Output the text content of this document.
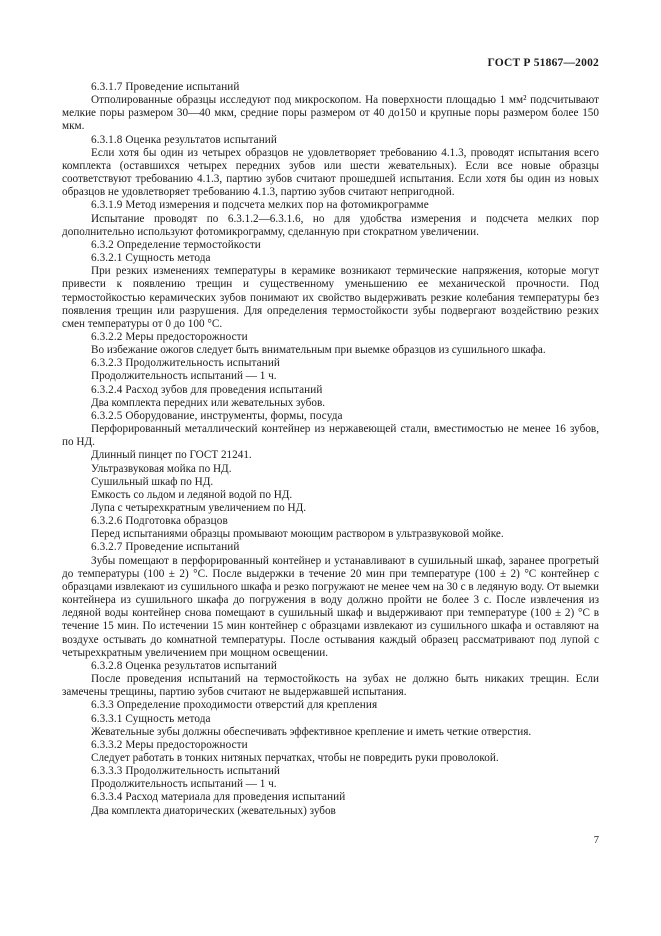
ГОСТ Р 51867—2002

6.3.1.7 Проведение испытаний

Отполированные образцы исследуют под микроскопом. На поверхности площадью 1 мм² подсчитывают мелкие поры размером 30—40 мкм, средние поры размером от 40 до150 и крупные поры размером более 150 мкм.

6.3.1.8 Оценка результатов испытаний

Если хотя бы один из четырех образцов не удовлетворяет требованию 4.1.3, проводят испытания всего комплекта (оставшихся четырех передних зубов или шести жевательных). Если все новые образцы соответствуют требованию 4.1.3, партию зубов считают прошедшей испытания. Если хотя бы один из новых образцов не удовлетворяет требованию 4.1.3, партию зубов считают непригодной.

6.3.1.9 Метод измерения и подсчета мелких пор на фотомикрограмме

Испытание проводят по 6.3.1.2—6.3.1.6, но для удобства измерения и подсчета мелких пор дополнительно используют фотомикрограмму, сделанную при стократном увеличении.

6.3.2 Определение термостойкости

6.3.2.1 Сущность метода

При резких изменениях температуры в керамике возникают термические напряжения, которые могут привести к появлению трещин и существенному уменьшению ее механической прочности. Под термостойкостью керамических зубов понимают их свойство выдерживать резкие колебания температуры без появления трещин или разрушения. Для определения термостойкости зубы подвергают воздействию резких смен температуры от 0 до 100 °С.

6.3.2.2 Меры предосторожности

Во избежание ожогов следует быть внимательным при выемке образцов из сушильного шкафа.

6.3.2.3 Продолжительность испытаний

Продолжительность испытаний — 1 ч.

6.3.2.4 Расход зубов для проведения испытаний

Два комплекта передних или жевательных зубов.

6.3.2.5 Оборудование, инструменты, формы, посуда

Перфорированный металлический контейнер из нержавеющей стали, вместимостью не менее 16 зубов, по НД.

Длинный пинцет по ГОСТ 21241.

Ультразвуковая мойка по НД.

Сушильный шкаф по НД.

Емкость со льдом и ледяной водой по НД.

Лупа с четырехкратным увеличением по НД.

6.3.2.6 Подготовка образцов

Перед испытаниями образцы промывают моющим раствором в ультразвуковой мойке.

6.3.2.7 Проведение испытаний

Зубы помещают в перфорированный контейнер и устанавливают в сушильный шкаф, заранее прогретый до температуры (100 ± 2) °С. После выдержки в течение 20 мин при температуре (100 ± 2) °С контейнер с образцами извлекают из сушильного шкафа и резко погружают не менее чем на 30 с в ледяную воду. От выемки контейнера из сушильного шкафа до погружения в воду должно пройти не более 3 с. После извлечения из ледяной воды контейнер снова помещают в сушильный шкаф и выдерживают при температуре (100 ± 2) °С в течение 15 мин. По истечении 15 мин контейнер с образцами извлекают из сушильного шкафа и оставляют на воздухе остывать до комнатной температуры. После остывания каждый образец рассматривают под лупой с четырехкратным увеличением при мощном освещении.

6.3.2.8 Оценка результатов испытаний

После проведения испытаний на термостойкость на зубах не должно быть никаких трещин. Если замечены трещины, партию зубов считают не выдержавшей испытания.

6.3.3 Определение проходимости отверстий для крепления

6.3.3.1 Сущность метода

Жевательные зубы должны обеспечивать эффективное крепление и иметь четкие отверстия.

6.3.3.2 Меры предосторожности

Следует работать в тонких нитяных перчатках, чтобы не повредить руки проволокой.

6.3.3.3 Продолжительность испытаний

Продолжительность испытаний — 1 ч.

6.3.3.4 Расход материала для проведения испытаний

Два комплекта диаторических (жевательных) зубов

7
